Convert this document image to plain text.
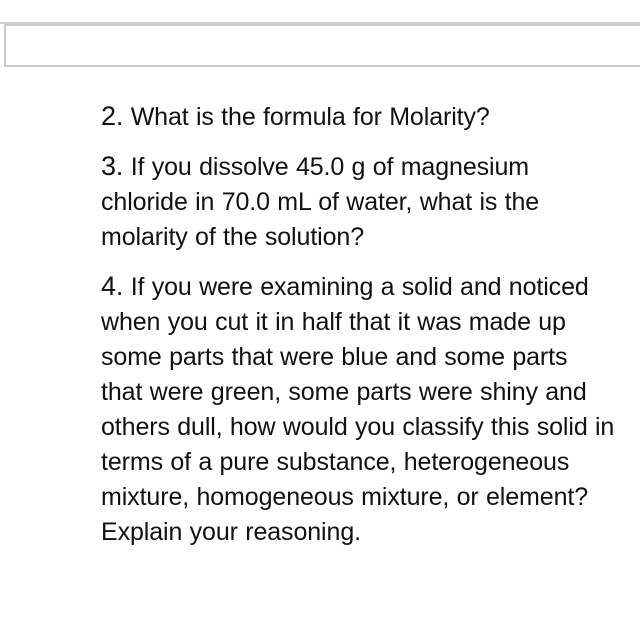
2. What is the formula for Molarity?

3. If you dissolve 45.0 g of magnesium chloride in 70.0 mL of water, what is the molarity of the solution?

4. If you were examining a solid and noticed when you cut it in half that it was made up some parts that were blue and some parts that were green, some parts were shiny and others dull, how would you classify this solid in terms of a pure substance, heterogeneous mixture, homogeneous mixture, or element? Explain your reasoning.
